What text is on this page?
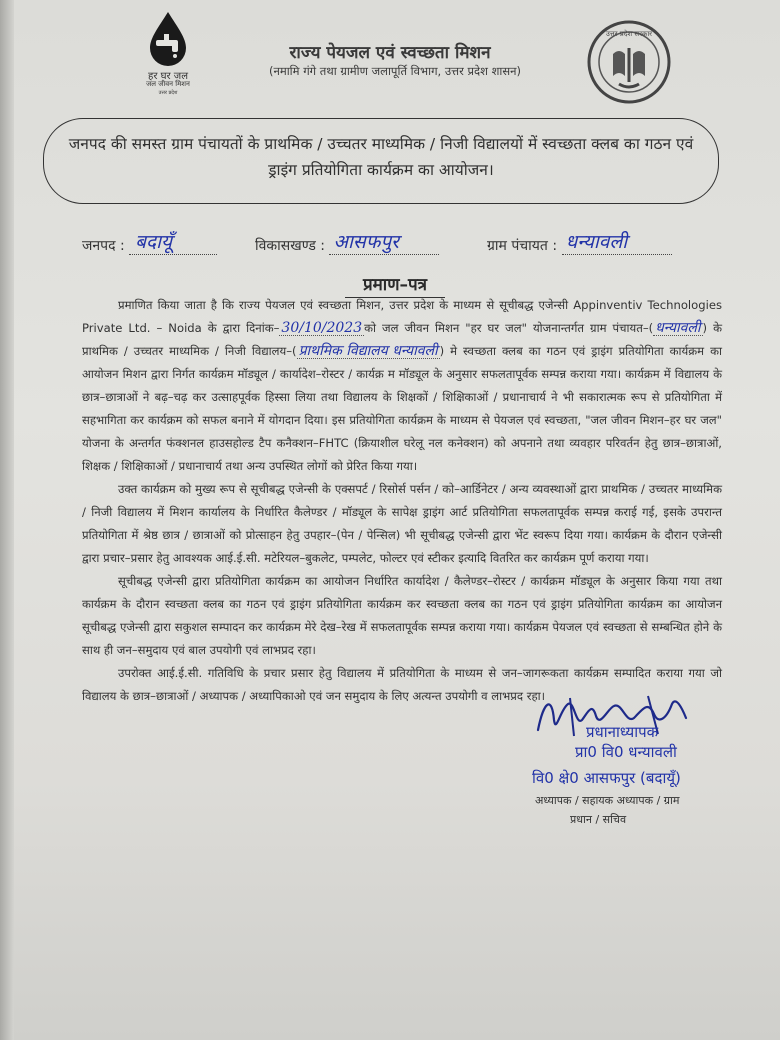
हर घर जल
जल जीवन मिशन
उत्तर प्रदेश
राज्य पेयजल एवं स्वच्छता मिशन
(नमामि गंगे तथा ग्रामीण जलापूर्ति विभाग, उत्तर प्रदेश शासन)
उत्तर प्रदेश सरकार
जनपद की समस्त ग्राम पंचायतों के प्राथमिक / उच्चतर माध्यमिक / निजी विद्यालयों में स्वच्छता क्लब का गठन एवं ड्राइंग प्रतियोगिता कार्यक्रम का आयोजन।
जनपद : बदायूँ	विकासखण्ड : आसफपुर	ग्राम पंचायत : धन्यावली
प्रमाण–पत्र

प्रमाणित किया जाता है कि राज्य पेयजल एवं स्वच्छता मिशन, उत्तर प्रदेश के माध्यम से सूचीबद्ध एजेन्सी Appinventiv Technologies Private Ltd. – Noida के द्वारा दिनांक– 30/10/2023 को जल जीवन मिशन "हर घर जल" योजनान्तर्गत ग्राम पंचायत–( धन्यावली ) के प्राथमिक / उच्चतर माध्यमिक / निजी विद्यालय–( प्राथमिक विद्यालय धन्यावली ) मे स्वच्छता क्लब का गठन एवं ड्राइंग प्रतियोगिता कार्यक्रम का आयोजन मिशन द्वारा निर्गत कार्यक्रम मॉड्यूल / कार्यादेश–रोस्टर / कार्यक्र म मॉड्यूल के अनुसार सफलतापूर्वक सम्पन्न कराया गया। कार्यक्रम में विद्यालय के छात्र–छात्राओं ने बढ़–चढ़ कर उत्साहपूर्वक हिस्सा लिया तथा विद्यालय के शिक्षकों / शिक्षिकाओं / प्रधानाचार्य ने भी सकारात्मक रूप से प्रतियोगिता में सहभागिता कर कार्यक्रम को सफल बनाने में योगदान दिया। इस प्रतियोगिता कार्यक्रम के माध्यम से पेयजल एवं स्वच्छता, "जल जीवन मिशन–हर घर जल" योजना के अन्तर्गत फंक्शनल हाउसहोल्ड टैप कनैक्शन–FHTC (क्रियाशील घरेलू नल कनेक्शन) को अपनाने तथा व्यवहार परिवर्तन हेतु छात्र–छात्राओं, शिक्षक / शिक्षिकाओं / प्रधानाचार्य तथा अन्य उपस्थित लोगों को प्रेरित किया गया।

उक्त कार्यक्रम को मुख्य रूप से सूचीबद्ध एजेन्सी के एक्सपर्ट / रिसोर्स पर्सन / को–आर्डिनेटर / अन्य व्यवस्थाओं द्वारा प्राथमिक / उच्चतर माध्यमिक / निजी विद्यालय में मिशन कार्यालय के निर्धारित कैलेण्डर / मॉड्यूल के सापेक्ष ड्राइंग आर्ट प्रतियोगिता सफलतापूर्वक सम्पन्न कराई गई, इसके उपरान्त प्रतियोगिता में श्रेष्ठ छात्र / छात्राओं को प्रोत्साहन हेतु उपहार–(पेन / पेन्सिल) भी सूचीबद्ध एजेन्सी द्वारा भेंट स्वरूप दिया गया। कार्यक्रम के दौरान एजेन्सी द्वारा प्रचार–प्रसार हेतु आवश्यक आई.ई.सी. मटेरियल–बुकलेट, पम्पलेट, फोल्टर एवं स्टीकर इत्यादि वितरित कर कार्यक्रम पूर्ण कराया गया।

सूचीबद्ध एजेन्सी द्वारा प्रतियोगिता कार्यक्रम का आयोजन निर्धारित कार्यादेश / कैलेण्डर–रोस्टर / कार्यक्रम मॉड्यूल के अनुसार किया गया तथा कार्यक्रम के दौरान स्वच्छता क्लब का गठन एवं ड्राइंग प्रतियोगिता कार्यक्रम कर स्वच्छता क्लब का गठन एवं ड्राइंग प्रतियोगिता कार्यक्रम का आयोजन सूचीबद्ध एजेन्सी द्वारा सकुशल सम्पादन कर कार्यक्रम मेरे देख–रेख में सफलतापूर्वक सम्पन्न कराया गया। कार्यक्रम पेयजल एवं स्वच्छता से सम्बन्धित होने के साथ ही जन–समुदाय एवं बाल उपयोगी एवं लाभप्रद रहा।

उपरोक्त आई.ई.सी. गतिविधि के प्रचार प्रसार हेतु विद्यालय में प्रतियोगिता के माध्यम से जन–जागरूकता कार्यक्रम सम्पादित कराया गया जो विद्यालय के छात्र–छात्राओं / अध्यापक / अध्यापिकाओ एवं जन समुदाय के लिए अत्यन्त उपयोगी व लाभप्रद रहा।

प्रधानाध्यापक
प्रा0 वि0 धन्यावली
वि0 क्षे0 आसफपुर (बदायूँ)
अध्यापक / सहायक अध्यापक / ग्राम
प्रधान / सचिव
